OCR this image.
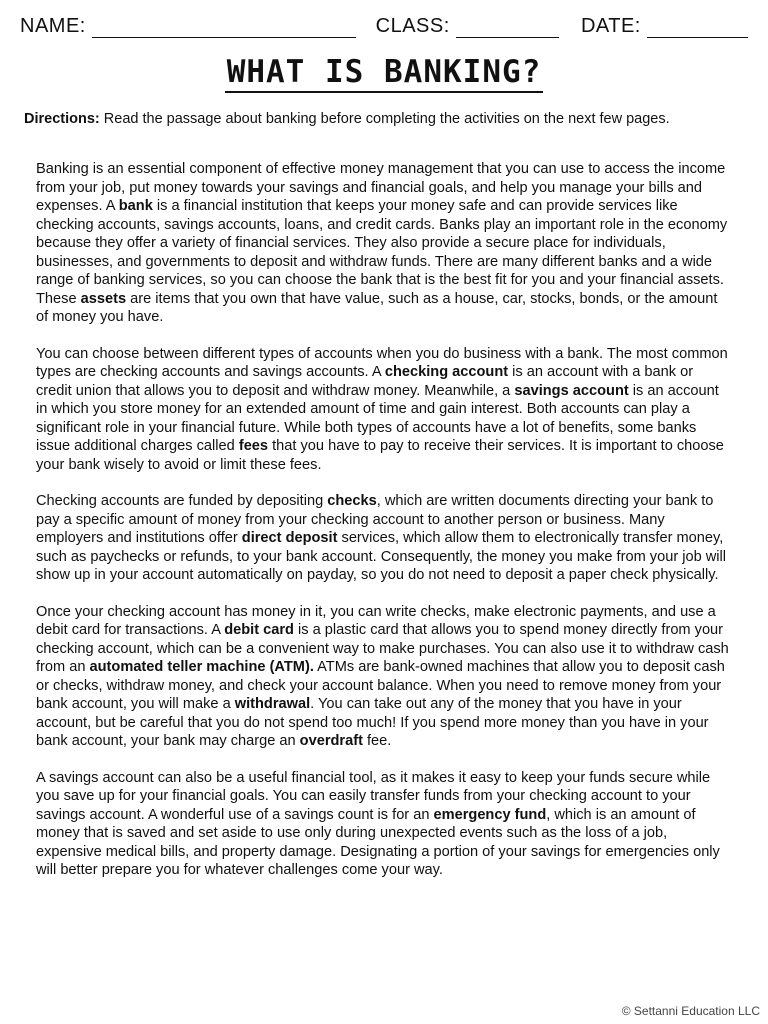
NAME:	CLASS:	DATE:
WHAT IS BANKING?
Directions: Read the passage about banking before completing the activities on the next few pages.

Banking is an essential component of effective money management that you can use to access the income from your job, put money towards your savings and financial goals, and help you manage your bills and expenses. A bank is a financial institution that keeps your money safe and can provide services like checking accounts, savings accounts, loans, and credit cards. Banks play an important role in the economy because they offer a variety of financial services. They also provide a secure place for individuals, businesses, and governments to deposit and withdraw funds. There are many different banks and a wide range of banking services, so you can choose the bank that is the best fit for you and your financial assets. These assets are items that you own that have value, such as a house, car, stocks, bonds, or the amount of money you have.

You can choose between different types of accounts when you do business with a bank. The most common types are checking accounts and savings accounts. A checking account is an account with a bank or credit union that allows you to deposit and withdraw money. Meanwhile, a savings account is an account in which you store money for an extended amount of time and gain interest. Both accounts can play a significant role in your financial future. While both types of accounts have a lot of benefits, some banks issue additional charges called fees that you have to pay to receive their services. It is important to choose your bank wisely to avoid or limit these fees.

Checking accounts are funded by depositing checks, which are written documents directing your bank to pay a specific amount of money from your checking account to another person or business. Many employers and institutions offer direct deposit services, which allow them to electronically transfer money, such as paychecks or refunds, to your bank account. Consequently, the money you make from your job will show up in your account automatically on payday, so you do not need to deposit a paper check physically.

Once your checking account has money in it, you can write checks, make electronic payments, and use a debit card for transactions. A debit card is a plastic card that allows you to spend money directly from your checking account, which can be a convenient way to make purchases. You can also use it to withdraw cash from an automated teller machine (ATM). ATMs are bank-owned machines that allow you to deposit cash or checks, withdraw money, and check your account balance. When you need to remove money from your bank account, you will make a withdrawal. You can take out any of the money that you have in your account, but be careful that you do not spend too much! If you spend more money than you have in your bank account, your bank may charge an overdraft fee.

A savings account can also be a useful financial tool, as it makes it easy to keep your funds secure while you save up for your financial goals. You can easily transfer funds from your checking account to your savings account. A wonderful use of a savings count is for an emergency fund, which is an amount of money that is saved and set aside to use only during unexpected events such as the loss of a job, expensive medical bills, and property damage. Designating a portion of your savings for emergencies only will better prepare you for whatever challenges come your way.

© Settanni Education LLC
